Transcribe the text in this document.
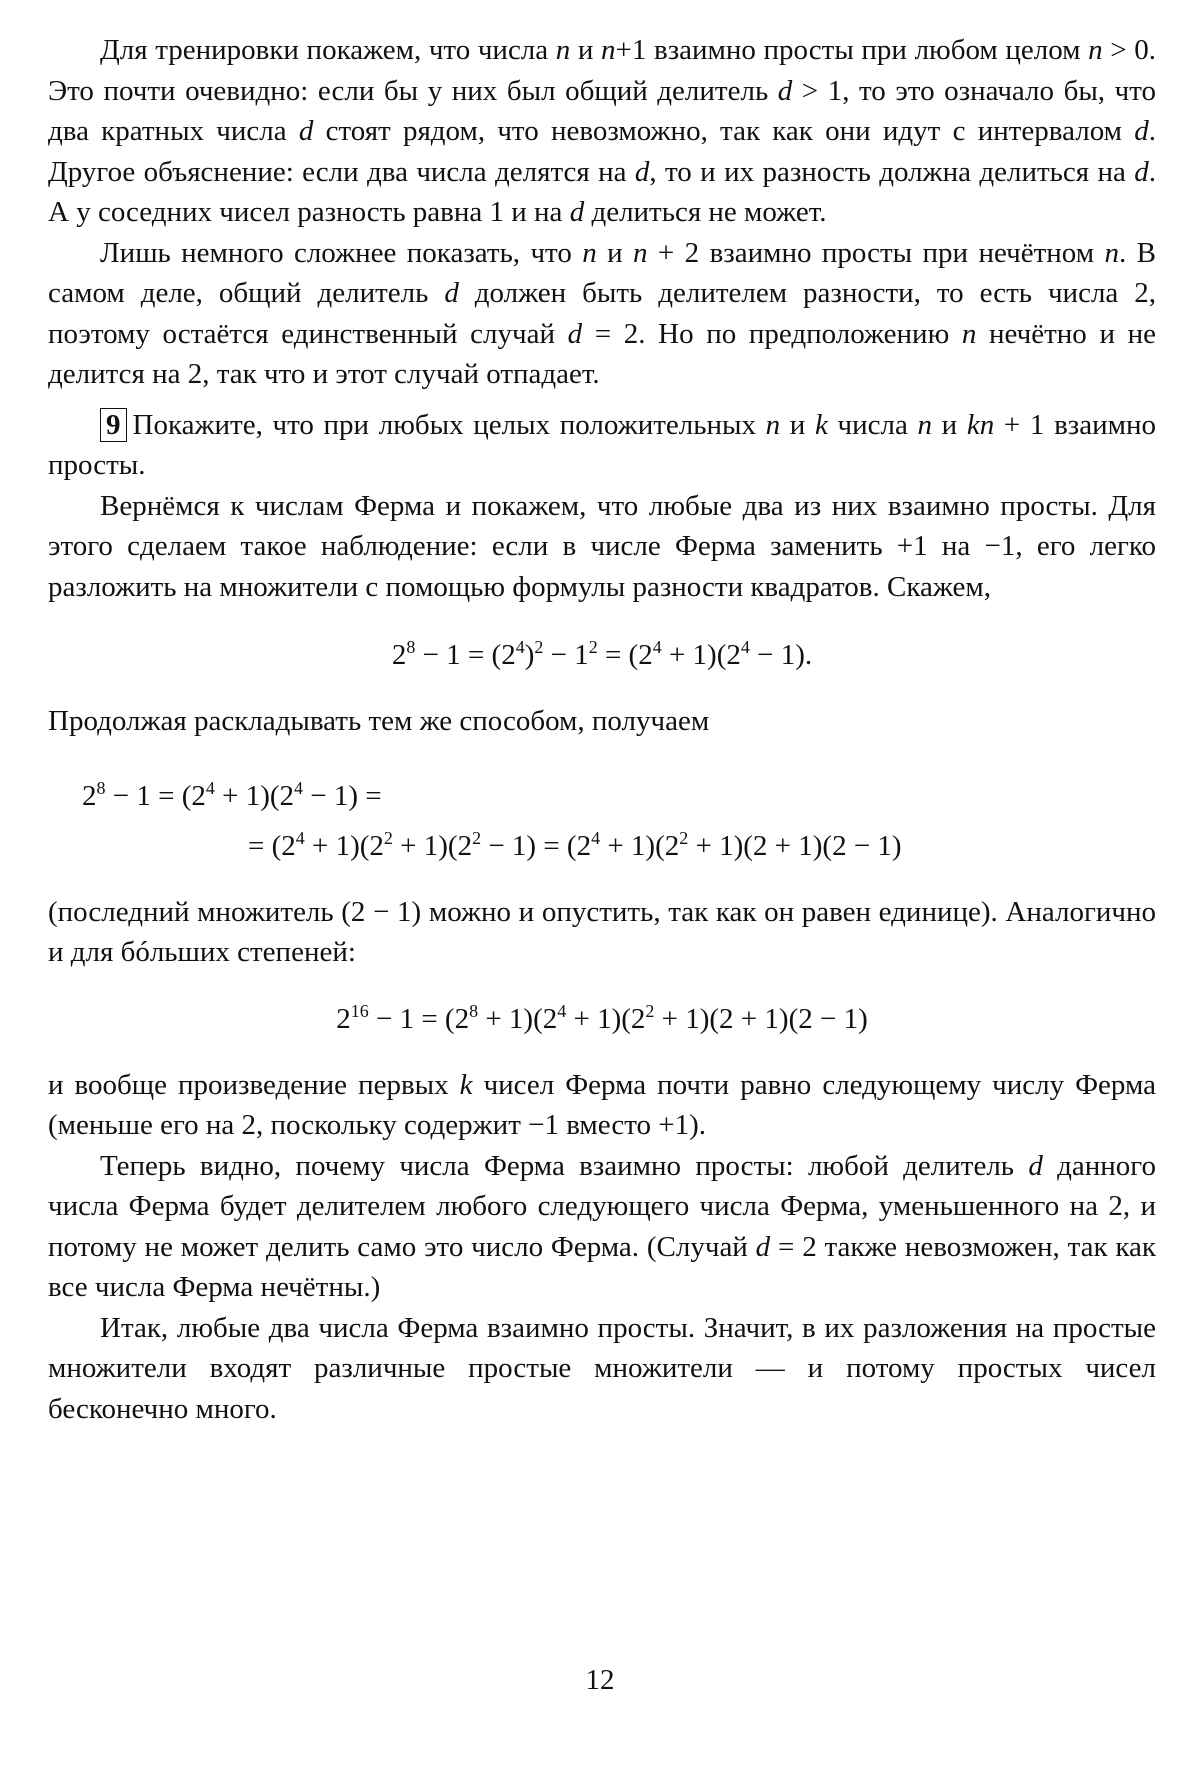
Для тренировки покажем, что числа n и n+1 взаимно просты при любом целом n > 0. Это почти очевидно: если бы у них был общий делитель d > 1, то это означало бы, что два кратных числа d стоят рядом, что невозможно, так как они идут с интервалом d. Другое объяснение: если два числа делятся на d, то и их разность должна делиться на d. А у соседних чисел разность равна 1 и на d делиться не может.

Лишь немного сложнее показать, что n и n + 2 взаимно просты при нечётном n. В самом деле, общий делитель d должен быть делителем разности, то есть числа 2, поэтому остаётся единственный случай d = 2. Но по предположению n нечётно и не делится на 2, так что и этот случай отпадает.

9 Покажите, что при любых целых положительных n и k числа n и kn + 1 взаимно просты.

Вернёмся к числам Ферма и покажем, что любые два из них взаимно просты. Для этого сделаем такое наблюдение: если в числе Ферма заменить +1 на −1, его легко разложить на множители с помощью формулы разности квадратов. Скажем,

$2^8 - 1 = (2^4)^2 - 1^2 = (2^4 + 1)(2^4 - 1)$.

Продолжая раскладывать тем же способом, получаем

$2^8 - 1 = (2^4 + 1)(2^4 - 1)$ =
= $(2^4 + 1)(2^2 + 1)(2^2 - 1) = (2^4 + 1)(2^2 + 1)(2 + 1)(2 - 1)$

(последний множитель (2 − 1) можно и опустить, так как он равен единице). Аналогично и для бóльших степеней:

$2^{16} - 1 = (2^8 + 1)(2^4 + 1)(2^2 + 1)(2 + 1)(2 - 1)$

и вообще произведение первых k чисел Ферма почти равно следующему числу Ферма (меньше его на 2, поскольку содержит −1 вместо +1).

Теперь видно, почему числа Ферма взаимно просты: любой делитель d данного числа Ферма будет делителем любого следующего числа Ферма, уменьшенного на 2, и потому не может делить само это число Ферма. (Случай d = 2 также невозможен, так как все числа Ферма нечётны.)

Итак, любые два числа Ферма взаимно просты. Значит, в их разложения на простые множители входят различные простые множители — и потому простых чисел бесконечно много.

12
